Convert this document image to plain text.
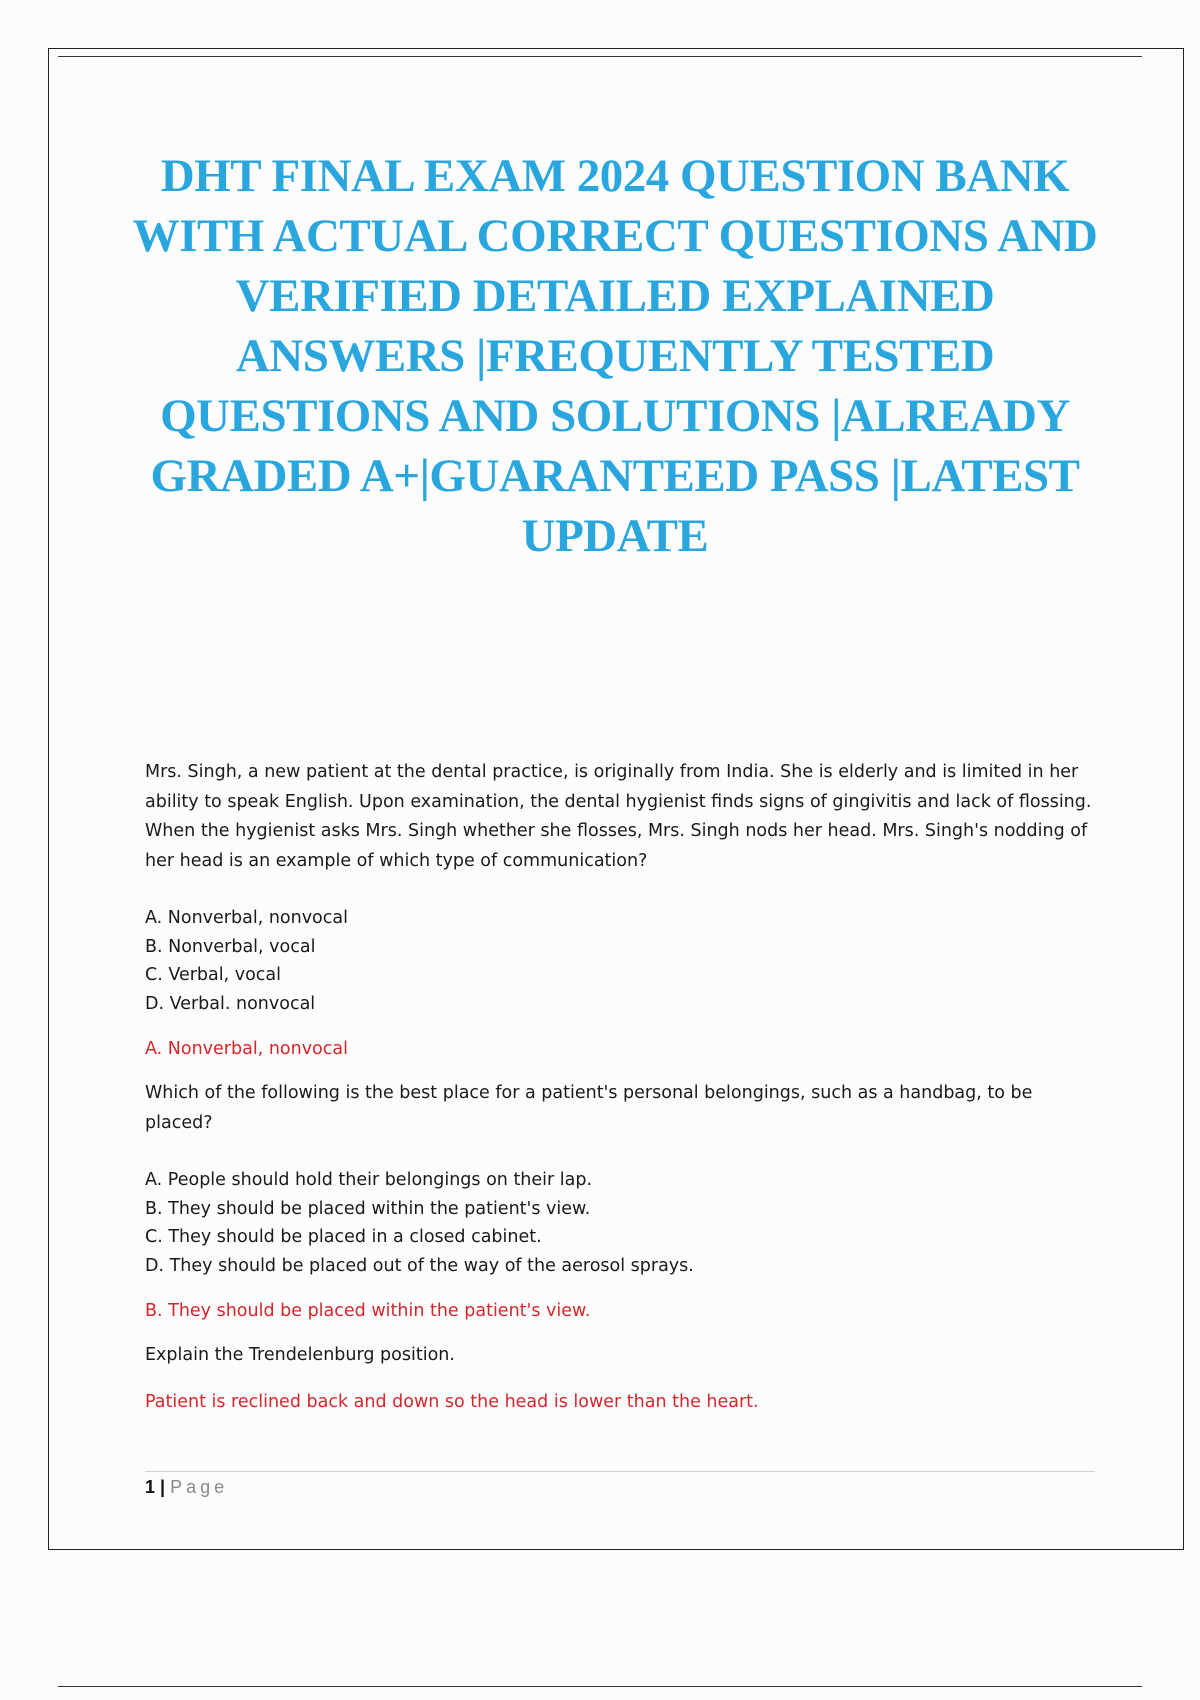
DHT FINAL EXAM 2024 QUESTION BANK WITH ACTUAL CORRECT QUESTIONS AND VERIFIED DETAILED EXPLAINED ANSWERS |FREQUENTLY TESTED QUESTIONS AND SOLUTIONS |ALREADY GRADED A+|GUARANTEED PASS |LATEST UPDATE

Mrs. Singh, a new patient at the dental practice, is originally from India. She is elderly and is limited in her ability to speak English. Upon examination, the dental hygienist finds signs of gingivitis and lack of flossing. When the hygienist asks Mrs. Singh whether she flosses, Mrs. Singh nods her head. Mrs. Singh's nodding of her head is an example of which type of communication?

A. Nonverbal, nonvocal
B. Nonverbal, vocal
C. Verbal, vocal
D. Verbal. nonvocal

A. Nonverbal, nonvocal

Which of the following is the best place for a patient's personal belongings, such as a handbag, to be placed?

A. People should hold their belongings on their lap.
B. They should be placed within the patient's view.
C. They should be placed in a closed cabinet.
D. They should be placed out of the way of the aerosol sprays.

B. They should be placed within the patient's view.

Explain the Trendelenburg position.

Patient is reclined back and down so the head is lower than the heart.

1 | Page
